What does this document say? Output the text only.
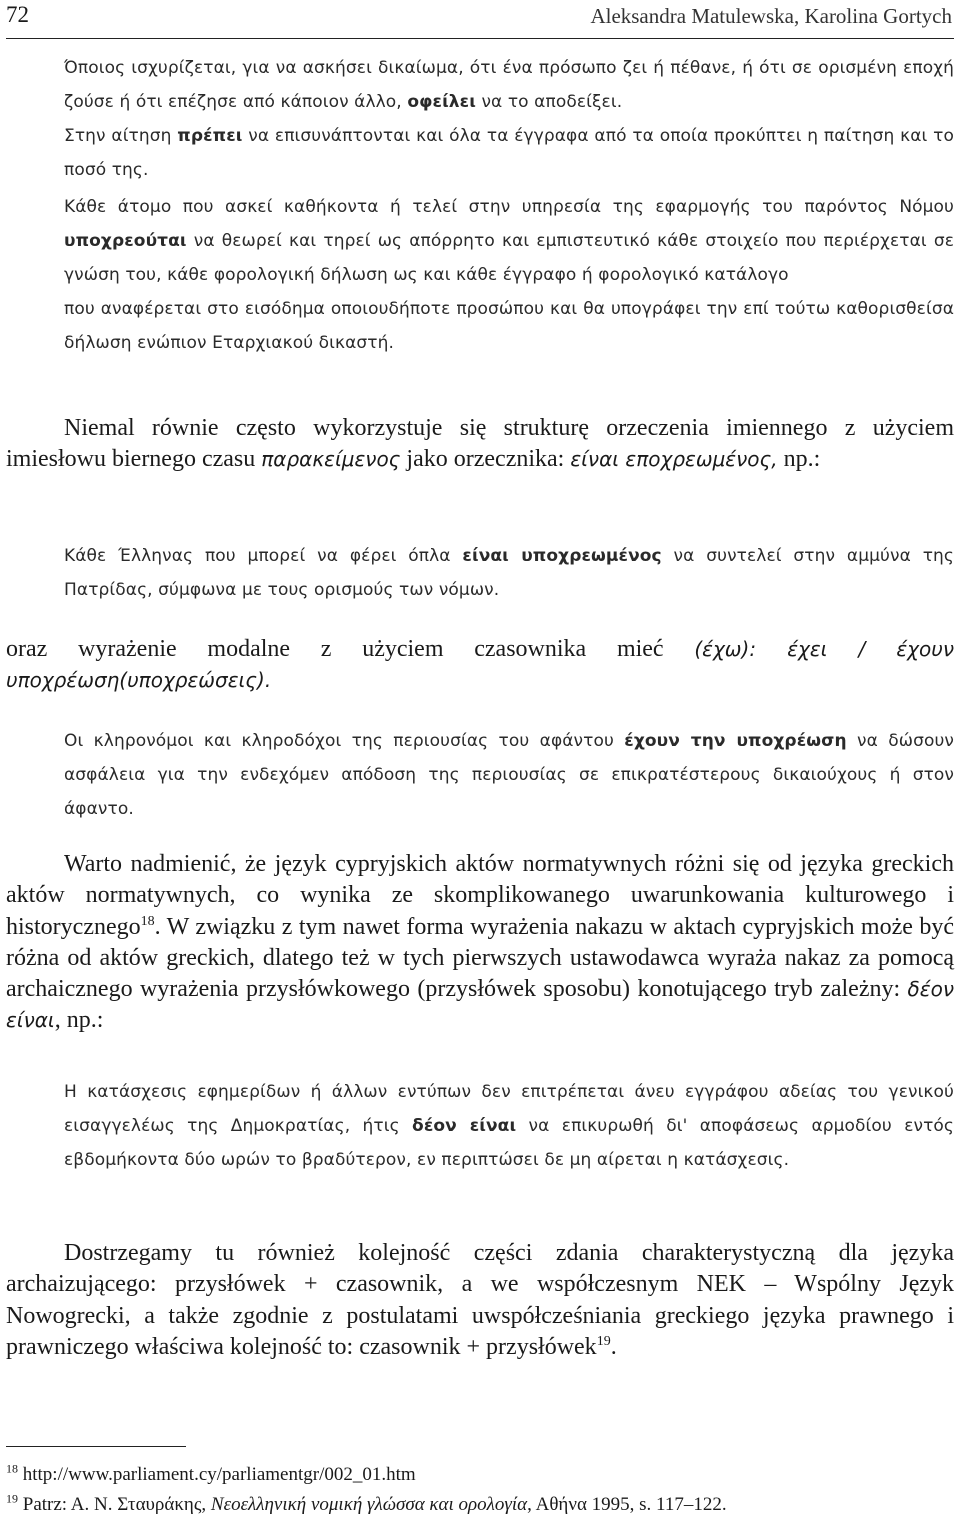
72	Aleksandra Matulewska, Karolina Gortych

Όποιος ισχυρίζεται, για να ασκήσει δικαίωμα, ότι ένα πρόσωπο ζει ή πέθανε, ή ότι σε ορισμένη εποχή ζούσε ή ότι επέζησε από κάποιον άλλο, οφείλει να το αποδείξει.
Στην αίτηση πρέπει να επισυνάπτονται και όλα τα έγγραφα από τα οποία προκύπτει η παίτηση και το ποσό της.

Κάθε άτομο που ασκεί καθήκοντα ή τελεί στην υπηρεσία της εφαρμογής του παρόντος Νόμου υποχρεούται να θεωρεί και τηρεί ως απόρρητο και εμπιστευτικό κάθε στοιχείο που περιέρχεται σε γνώση του, κάθε φορολογική δήλωση ως και κάθε έγγραφο ή φορολογικό κατάλογο
που αναφέρεται στο εισόδημα οποιουδήποτε προσώπου και θα υπογράφει την επί τούτω καθορισθείσα δήλωση ενώπιον Εταρχιακού δικαστή.

Niemal równie często wykorzystuje się strukturę orzeczenia imiennego z użyciem imiesłowu biernego czasu παρακείμενος jako orzecznika: είναι εποχρεωμένος, np.:

Κάθε Έλληνας που μπορεί να φέρει όπλα είναι υποχρεωμένος να συντελεί στην αμμύνα της Πατρίδας, σύμφωνα με τους ορισμούς των νόμων.

oraz wyrażenie modalne z użyciem czasownika mieć (έχω): έχει / έχουν υποχρέωση(υποχρεώσεις).

Οι κληρονόμοι και κληροδόχοι της περιουσίας του αφάντου έχουν την υποχρέωση να δώσουν ασφάλεια για την ενδεχόμεν απόδοση της περιουσίας σε επικρατέστερους δικαιούχους ή στον άφαντο.

Warto nadmienić, że język cypryjskich aktów normatywnych różni się od języka greckich aktów normatywnych, co wynika ze skomplikowanego uwarunkowania kulturowego i historycznego$^{18}$. W związku z tym nawet forma wyrażenia nakazu w aktach cypryjskich może być różna od aktów greckich, dlatego też w tych pierwszych ustawodawca wyraża nakaz za pomocą archaicznego wyrażenia przysłówkowego (przysłówek sposobu) konotującego tryb zależny: δέον είναι, np.:

Η κατάσχεσις εφημερίδων ή άλλων εντύπων δεν επιτρέπεται άνευ εγγράφου αδείας του γενικού εισαγγελέως της Δημοκρατίας, ήτις δέον είναι να επικυρωθή δι' αποφάσεως αρμοδίου εντός εβδομήκοντα δύο ωρών το βραδύτερον, εν περιπτώσει δε μη αίρεται η κατάσχεσις.

Dostrzegamy tu również kolejność części zdania charakterystyczną dla języka archaizującego: przysłówek + czasownik, a we współczesnym NEK – Wspólny Język Nowogrecki, a także zgodnie z postulatami uwspółcześniania greckiego języka prawnego i prawniczego właściwa kolejność to: czasownik + przysłówek$^{19}$.

$^{18}$ http://www.parliament.cy/parliamentgr/002_01.htm
$^{19}$ Patrz: A. N. Σταυράκης, Νεοελληνική νομική γλώσσα και ορολογία, Αθήνα 1995, s. 117–122.
